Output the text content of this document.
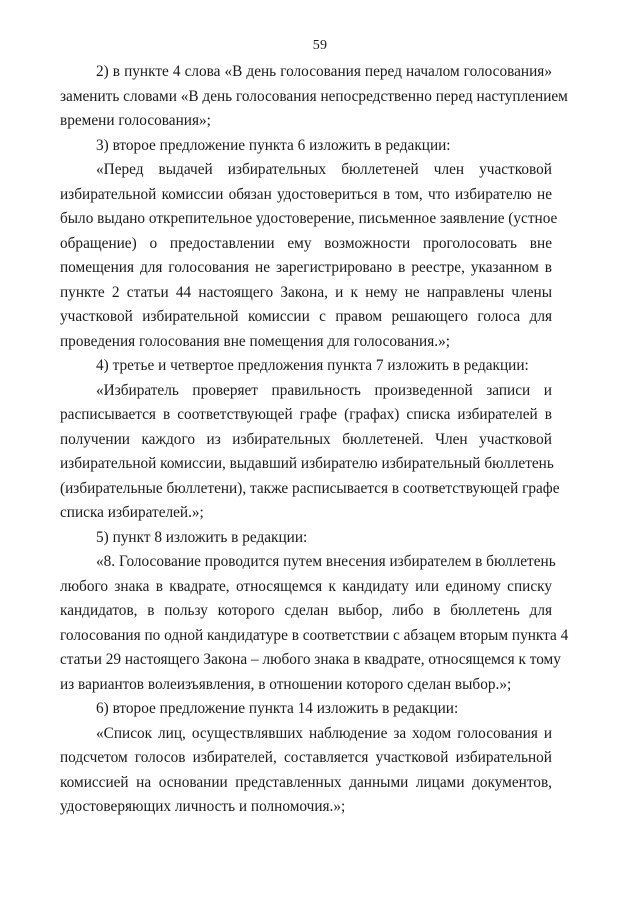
59
2) в пункте 4 слова «В день голосования перед началом голосования»
заменить словами «В день голосования непосредственно перед наступлением
времени голосования»;
3) второе предложение пункта 6 изложить в редакции:
«Перед выдачей избирательных бюллетеней член участковой
избирательной комиссии обязан удостовериться в том, что избирателю не
было выдано открепительное удостоверение, письменное заявление (устное
обращение) о предоставлении ему возможности проголосовать вне
помещения для голосования не зарегистрировано в реестре, указанном в
пункте 2 статьи 44 настоящего Закона, и к нему не направлены члены
участковой избирательной комиссии с правом решающего голоса для
проведения голосования вне помещения для голосования.»;
4) третье и четвертое предложения пункта 7 изложить в редакции:
«Избиратель проверяет правильность произведенной записи и
расписывается в соответствующей графе (графах) списка избирателей в
получении каждого из избирательных бюллетеней. Член участковой
избирательной комиссии, выдавший избирателю избирательный бюллетень
(избирательные бюллетени), также расписывается в соответствующей графе
списка избирателей.»;
5) пункт 8 изложить в редакции:
«8. Голосование проводится путем внесения избирателем в бюллетень
любого знака в квадрате, относящемся к кандидату или единому списку
кандидатов, в пользу которого сделан выбор, либо в бюллетень для
голосования по одной кандидатуре в соответствии с абзацем вторым пункта 4
статьи 29 настоящего Закона – любого знака в квадрате, относящемся к тому
из вариантов волеизъявления, в отношении которого сделан выбор.»;
6) второе предложение пункта 14 изложить в редакции:
«Список лиц, осуществлявших наблюдение за ходом голосования и
подсчетом голосов избирателей, составляется участковой избирательной
комиссией на основании представленных данными лицами документов,
удостоверяющих личность и полномочия.»;
